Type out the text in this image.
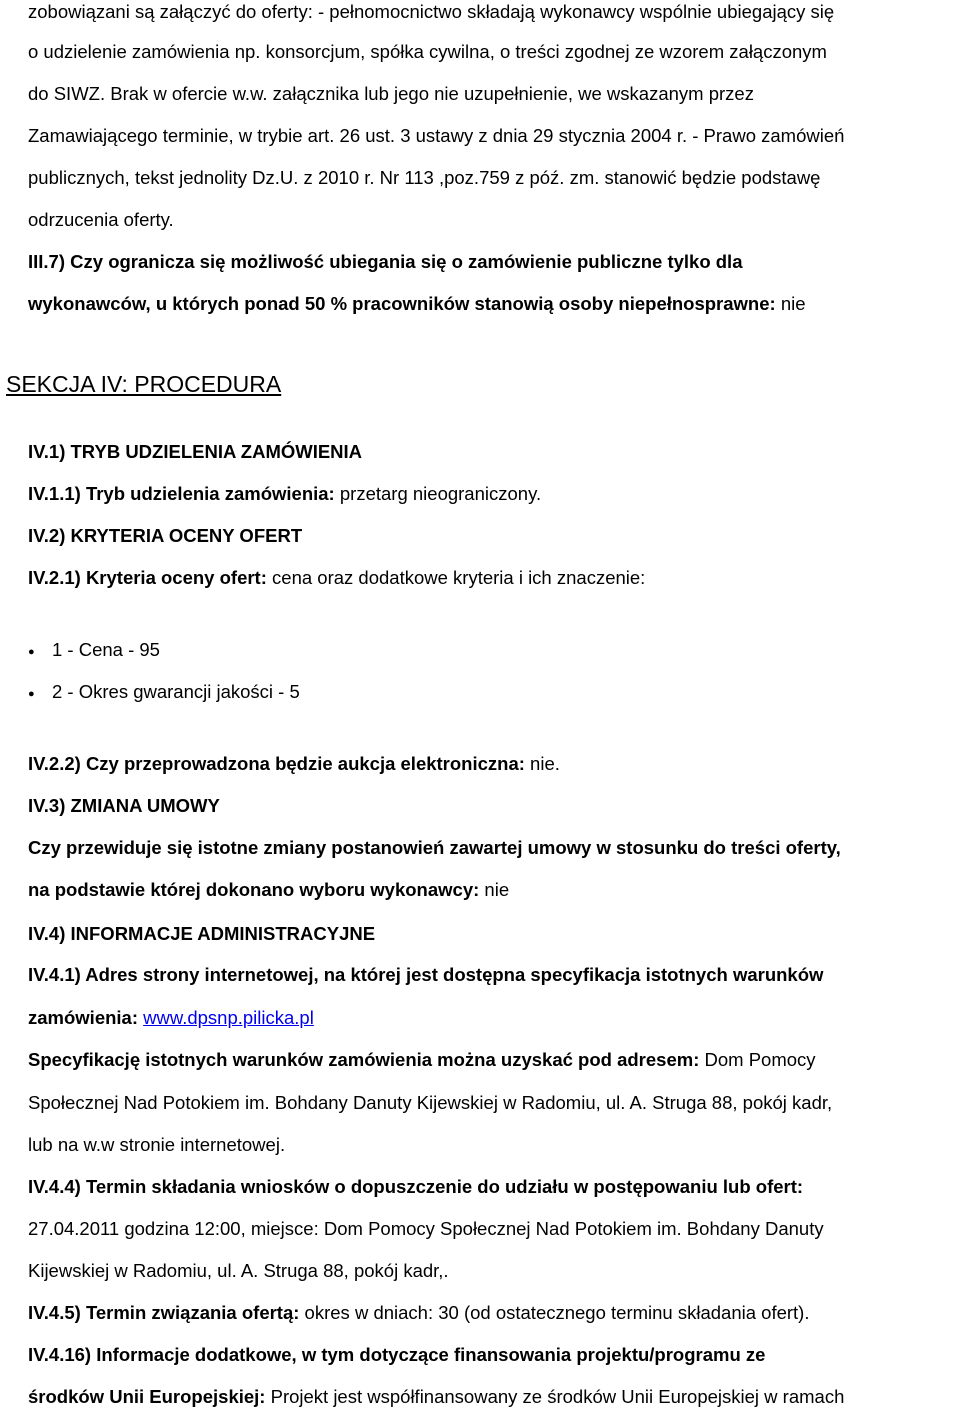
zobowiązani są załączyć do oferty: - pełnomocnictwo składają wykonawcy wspólnie ubiegający się
o udzielenie zamówienia np. konsorcjum, spółka cywilna, o treści zgodnej ze wzorem załączonym
do SIWZ. Brak w ofercie w.w. załącznika lub jego nie uzupełnienie, we wskazanym przez
Zamawiającego terminie, w trybie art. 26 ust. 3 ustawy z dnia 29 stycznia 2004 r. - Prawo zamówień
publicznych, tekst jednolity Dz.U. z 2010 r. Nr 113 ,poz.759 z póź. zm. stanowić będzie podstawę
odrzucenia oferty.
III.7) Czy ogranicza się możliwość ubiegania się o zamówienie publiczne tylko dla
wykonawców, u których ponad 50 % pracowników stanowią osoby niepełnosprawne: nie
SEKCJA IV: PROCEDURA
IV.1) TRYB UDZIELENIA ZAMÓWIENIA
IV.1.1) Tryb udzielenia zamówienia: przetarg nieograniczony.
IV.2) KRYTERIA OCENY OFERT
IV.2.1) Kryteria oceny ofert: cena oraz dodatkowe kryteria i ich znaczenie:
● 1 - Cena - 95
● 2 - Okres gwarancji jakości - 5
IV.2.2) Czy przeprowadzona będzie aukcja elektroniczna: nie.
IV.3) ZMIANA UMOWY
Czy przewiduje się istotne zmiany postanowień zawartej umowy w stosunku do treści oferty,
na podstawie której dokonano wyboru wykonawcy: nie
IV.4) INFORMACJE ADMINISTRACYJNE
IV.4.1) Adres strony internetowej, na której jest dostępna specyfikacja istotnych warunków
zamówienia: www.dpsnp.pilicka.pl
Specyfikację istotnych warunków zamówienia można uzyskać pod adresem: Dom Pomocy
Społecznej Nad Potokiem im. Bohdany Danuty Kijewskiej w Radomiu, ul. A. Struga 88, pokój kadr,
lub na w.w stronie internetowej.
IV.4.4) Termin składania wniosków o dopuszczenie do udziału w postępowaniu lub ofert:
27.04.2011 godzina 12:00, miejsce: Dom Pomocy Społecznej Nad Potokiem im. Bohdany Danuty
Kijewskiej w Radomiu, ul. A. Struga 88, pokój kadr,.
IV.4.5) Termin związania ofertą: okres w dniach: 30 (od ostatecznego terminu składania ofert).
IV.4.16) Informacje dodatkowe, w tym dotyczące finansowania projektu/programu ze
środków Unii Europejskiej: Projekt jest współfinansowany ze środków Unii Europejskiej w ramach
